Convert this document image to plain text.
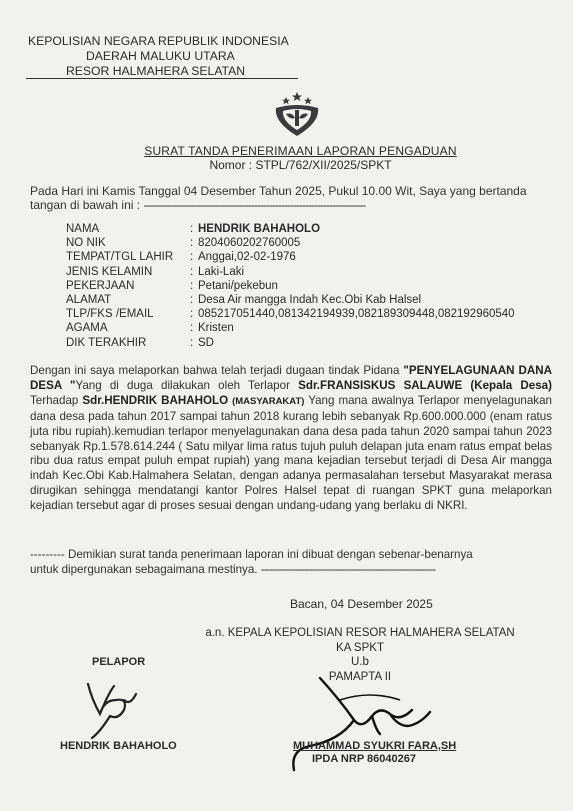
KEPOLISIAN NEGARA REPUBLIK INDONESIA
DAERAH MALUKU UTARA
RESOR HALMAHERA SELATAN
SURAT TANDA PENERIMAAN LAPORAN PENGADUAN
Nomor : STPL/762/XII/2025/SPKT
Pada Hari ini Kamis Tanggal 04 Desember Tahun 2025, Pukul 10.00 Wit, Saya yang bertanda
tangan di bawah ini : --------------------------------------------------------------------------
NAMA	: HENDRIK BAHAHOLO
NO NIK	: 8204060202760005
TEMPAT/TGL LAHIR	: Anggai,02-02-1976
JENIS KELAMIN	: Laki-Laki
PEKERJAAN	: Petani/pekebun
ALAMAT	: Desa Air mangga Indah Kec.Obi Kab Halsel
TLP/FKS /EMAIL	: 085217051440,081342194939,082189309448,082192960540
AGAMA	: Kristen
DIK TERAKHIR	: SD
Dengan ini saya melaporkan bahwa telah terjadi dugaan tindak Pidana "PENYELAGUNAAN DANA DESA "Yang di duga dilakukan oleh Terlapor Sdr.FRANSISKUS SALAUWE (Kepala Desa) Terhadap Sdr.HENDRIK BAHAHOLO (MASYARAKAT) Yang mana awalnya Terlapor menyelagunakan dana desa pada tahun 2017 sampai tahun 2018 kurang lebih sebanyak Rp.600.000.000 (enam ratus juta ribu rupiah).kemudian terlapor menyelagunakan dana desa pada tahun 2020 sampai tahun 2023 sebanyak Rp.1.578.614.244 ( Satu milyar lima ratus tujuh puluh delapan juta enam ratus empat belas ribu dua ratus empat puluh empat rupiah) yang mana kejadian tersebut terjadi di Desa Air mangga indah Kec.Obi Kab.Halmahera Selatan, dengan adanya permasalahan tersebut Masyarakat merasa dirugikan sehingga mendatangi kantor Polres Halsel tepat di ruangan SPKT guna melaporkan kejadian tersebut agar di proses sesuai dengan undang-udang yang berlaku di NKRI.
--------- Demikian surat tanda penerimaan laporan ini dibuat dengan sebenar-benarnya
untuk dipergunakan sebagaimana mestinya. -------------------------------------------------------------
Bacan, 04 Desember 2025
a.n. KEPALA KEPOLISIAN RESOR HALMAHERA SELATAN
KA SPKT
U.b
PAMAPTA II
PELAPOR
HENDRIK BAHAHOLO	MUHAMMAD SYUKRI FARA,SH
IPDA NRP 86040267
